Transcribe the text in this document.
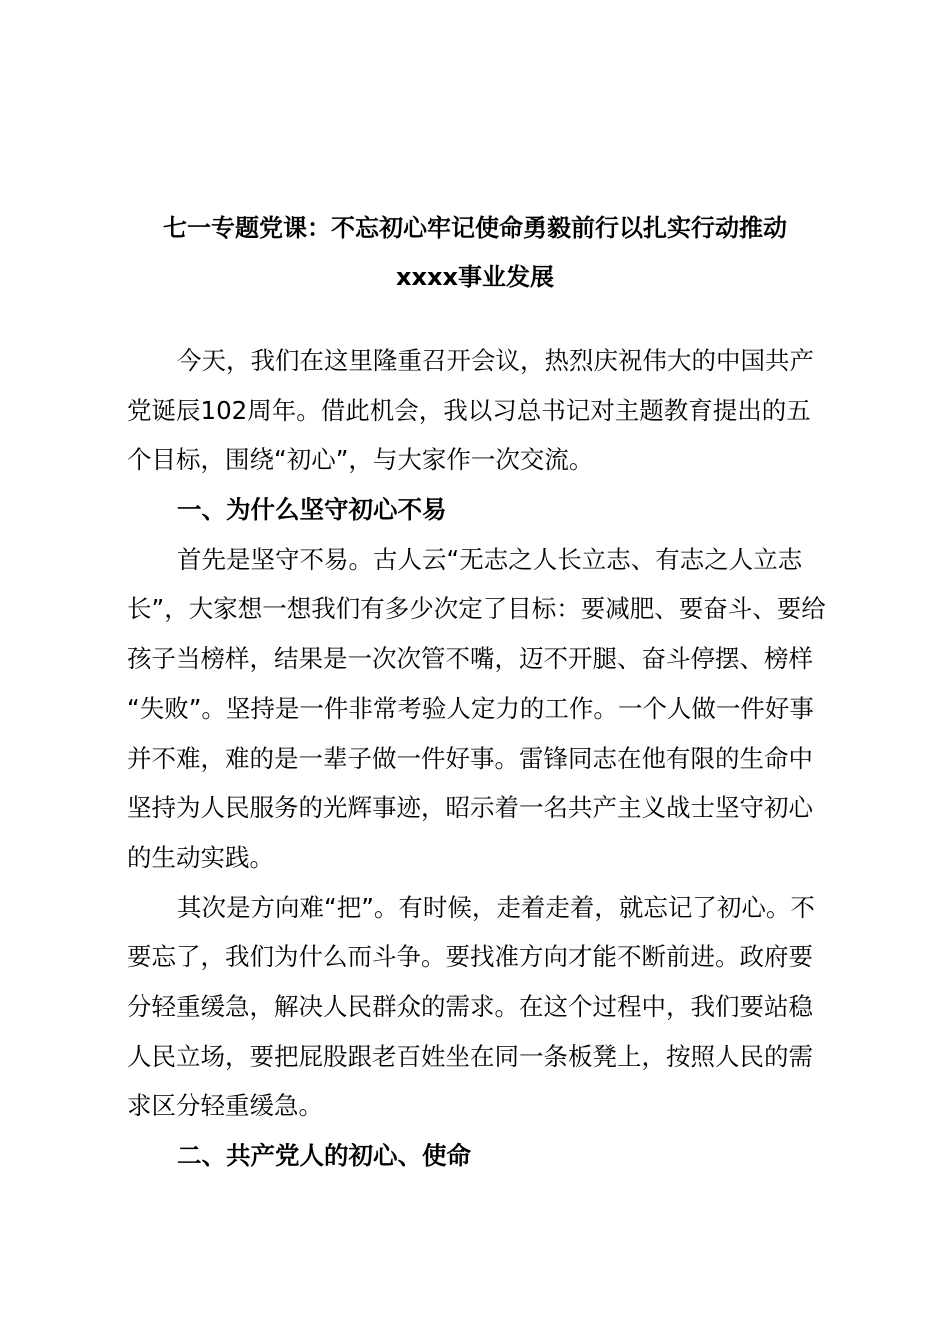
七一专题党课：不忘初心牢记使命勇毅前行以扎实行动推动
xxxx事业发展

今天，我们在这里隆重召开会议，热烈庆祝伟大的中国共产
党诞辰102周年。借此机会，我以习总书记对主题教育提出的五
个目标，围绕“初心”，与大家作一次交流。

一、为什么坚守初心不易

首先是坚守不易。古人云“无志之人长立志、有志之人立志
长”，大家想一想我们有多少次定了目标：要减肥、要奋斗、要给
孩子当榜样，结果是一次次管不嘴，迈不开腿、奋斗停摆、榜样
“失败”。坚持是一件非常考验人定力的工作。一个人做一件好事
并不难，难的是一辈子做一件好事。雷锋同志在他有限的生命中
坚持为人民服务的光辉事迹，昭示着一名共产主义战士坚守初心
的生动实践。

其次是方向难“把”。有时候，走着走着，就忘记了初心。不
要忘了，我们为什么而斗争。要找准方向才能不断前进。政府要
分轻重缓急，解决人民群众的需求。在这个过程中，我们要站稳
人民立场，要把屁股跟老百姓坐在同一条板凳上，按照人民的需
求区分轻重缓急。

二、共产党人的初心、使命
